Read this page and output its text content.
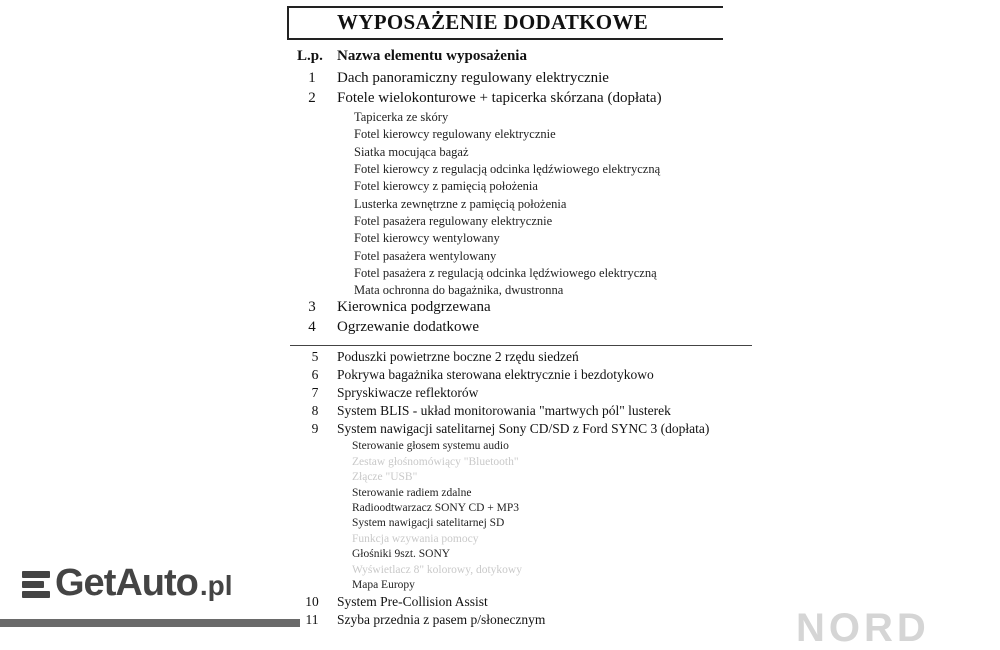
WYPOSAŻENIE DODATKOWE
L.p. Nazwa elementu wyposażenia
1	Dach panoramiczny regulowany elektrycznie
2	Fotele wielokonturowe + tapicerka skórzana (dopłata)
Tapicerka ze skóry
Fotel kierowcy regulowany elektrycznie
Siatka mocująca bagaż
Fotel kierowcy z regulacją odcinka lędźwiowego elektryczną
Fotel kierowcy z pamięcią położenia
Lusterka zewnętrzne z pamięcią położenia
Fotel pasażera regulowany elektrycznie
Fotel kierowcy wentylowany
Fotel pasażera wentylowany
Fotel pasażera z regulacją odcinka lędźwiowego elektryczną
Mata ochronna do bagażnika, dwustronna
3	Kierownica podgrzewana
4	Ogrzewanie dodatkowe
5	Poduszki powietrzne boczne 2 rzędu siedzeń
6	Pokrywa bagażnika sterowana elektrycznie i bezdotykowo
7	Spryskiwacze reflektorów
8	System BLIS - układ monitorowania "martwych pól" lusterek
9	System nawigacji satelitarnej Sony CD/SD z Ford SYNC 3 (dopłata)
Sterowanie głosem systemu audio
Zestaw głośnomówiący "Bluetooth"
Złącze "USB"
Sterowanie radiem zdalne
Radioodtwarzacz SONY CD + MP3
System nawigacji satelitarnej SD
Funkcja wzywania pomocy
Głośniki 9szt. SONY
Wyświetlacz 8" kolorowy, dotykowy
Mapa Europy
10	System Pre-Collision Assist
11	Szyba przednia z pasem p/słonecznym
GetAuto .pl
NORD
